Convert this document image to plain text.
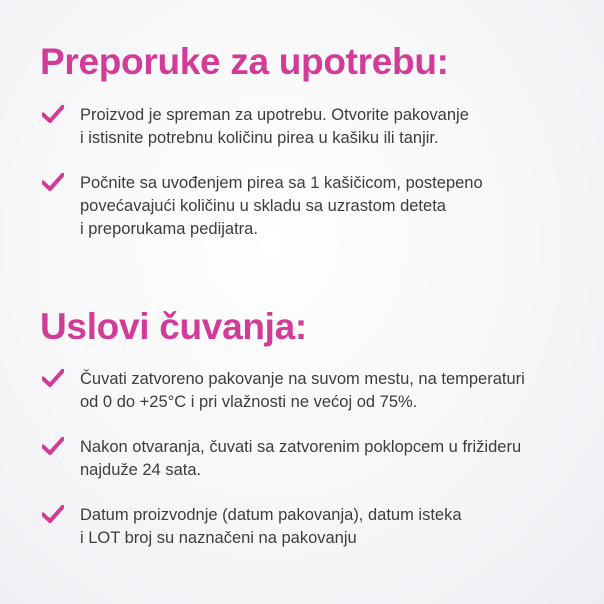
Preporuke za upotrebu:
Proizvod je spreman za upotrebu. Otvorite pakovanje
i istisnite potrebnu količinu pirea u kašiku ili tanjir.
Počnite sa uvođenjem pirea sa 1 kašičicom, postepeno
povećavajući količinu u skladu sa uzrastom deteta
i preporukama pedijatra.
Uslovi čuvanja:
Čuvati zatvoreno pakovanje na suvom mestu, na temperaturi
od 0 do +25°C i pri vlažnosti ne većoj od 75%.
Nakon otvaranja, čuvati sa zatvorenim poklopcem u frižideru
najduže 24 sata.
Datum proizvodnje (datum pakovanja), datum isteka
i LOT broj su naznačeni na pakovanju
